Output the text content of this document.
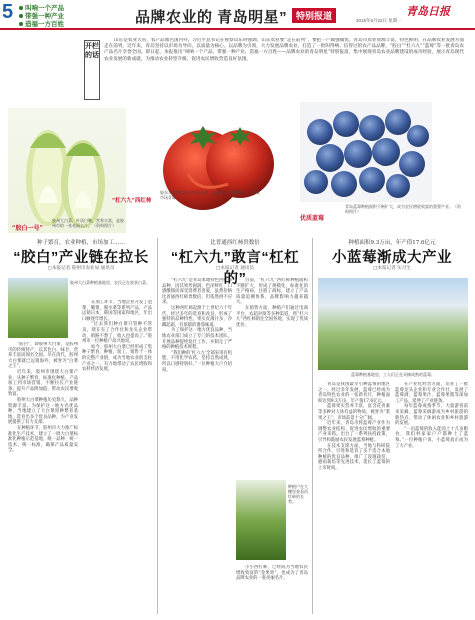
5	叫响一个产品
带强一种产业
造福一方百姓	品牌农业的 青岛明星” 特别报道	青岛日报
2015年6月22日 星期一
开栏的话
山东是农业大省，农产品闻名国内外。习近平总书记在视察山东时强调，山东农业要“走在前列”，要把一产做强做优。青岛市农业资源丰富，特色鲜明，在品牌农业发展方面走在前列。近年来，青岛坚持以市场为导向，以质量为核心，以品牌为引领，大力发展品牌农业，打造了一批叫得响、信得过的农产品品牌，“胶白”“杠六九”“蓝莓”等一批青岛农产品名片享誉全国。即日起，本报推出“叫响一个产品、带强一种产业、造福一方百姓——品牌农业的青岛明星”特别报道，集中展现青岛农业品牌建设的成功经验，展示青岛现代农业发展的新成就，为推动农业转型升级、促进农民增收营造良好氛围。
“胶白一号”
胶州大白菜，叶质白嫩，营养丰富，是胶州市的一张亮丽名片。（资料图片）
“杠六九”西红柿
胶东半岛的特色西红柿品种，皮薄汁多，酸甜适口，深受市场青睐。
优质蓝莓
青岛蓝莓种植面积不断扩大，成为农民增收致富的重要产业。（资料图片）
种子繁育，农业种植，市场加工……
“胶白”产业链在拉长
□本报记者 胶州市农业局 通讯员
胶州大白菜种植基地里，农民正在收获白菜。

“胶白”，即胶州大白菜，是胶州市的传统特产，以其色白、味甘、营养丰富而闻名全国。早在清代，胶州大白菜就已远销海外，被誉为“白菜之王”。

近年来，胶州市围绕大白菜产业，从种子繁育、标准化种植、产品加工到市场营销，不断拉长产业链条，提升产品附加值，带动农民增收致富。

胶州大白菜种植历史悠久，品种资源丰富。为保护这一地方名优品种，当地建立了大白菜原种繁育基地，选育出多个优良品种，为产业发展提供了有力支撑。

在种植环节，胶州市大力推广标准化生产技术，建立了一批大白菜标准化种植示范基地，统一品种、统一技术、统一标准，确保产品质量安全。

在加工环节，当地企业开发了泡菜、腌菜、脱水菜等系列产品，产品远销日本、韩国等国家和地区，年出口额逐年增长。

“过去我们种白菜只管种不管卖，现在有了合作社和龙头企业带动，销路不愁了，收入也提高了。”胶州市一位种植户高兴地说。

如今，胶州大白菜已经形成了集种子繁育、种植、加工、销售于一体的完整产业链，成为当地农业的支柱产业之一，有力地带动了农民增收和农村经济发展。

比普通西红柿贵数倍
“杠六九”敢言“杠杠的”
□本报记者 通讯员

“杠六九”是青岛本地特色西红柿品种，因其果形圆润、色泽鲜红、口感酸甜而深受消费者喜爱，虽然价格比普通西红柿贵数倍，但依然供不应求。

这种西红柿起源于上世纪六十年代，经过多年的选育和改良，形成了独特的品种特性。果实皮薄汁多，沙瓤起霜，有浓郁的番茄味道。

为了保护这一地方优良品种，当地农业部门成立了专门的技术团队，开展品种提纯复壮工作，并制定了严格的种植技术规程。

“我们种的‘杠六九’全部采用有机肥，不用化学农药，坚持自然成熟，所以口感特别好。”一位种植大户介绍说。

目前，“杠六九”西红柿种植面积不断扩大，形成了规模化、标准化的生产格局，注册了商标，建立了产品质量追溯体系，品牌影响力越来越大。

在销售方面，种植户们通过电商平台、农超对接等多种渠道，将“杠六九”西红柿销往全国各地，实现了优质优价。

种植户在大棚里查看西红柿的长势。

小小西红柿，已经成为当地农民增收致富的“金果果”，也成为了青岛品牌农业的一张亮丽名片。

种植面积9.3万亩，年产值17.6亿元
小蓝莓渐成大产业
□本报记者 实习生
蓝莓种植基地里，工人们正在采摘成熟的蓝莓。

青岛是我国最早引种蓝莓的地区之一。经过多年发展，蓝莓已经成为青岛特色农业的一张新名片，种植面积达到9.3万亩，年产值17.6亿元。

蓝莓果实营养丰富，富含花青素等多种对人体有益的物质，被誉为“浆果之王”，市场前景十分广阔。

近年来，青岛市将蓝莓产业作为调整农业结构、促进农民增收的重要产业来抓，出台了一系列扶持政策，引导和鼓励农民发展蓝莓种植。

在技术支撑方面，当地与科研院所合作，引进和选育了多个适合本地种植的优良品种，推广了设施栽培、避雨栽培等先进技术，延长了蓝莓的上市时间。

在产业化经营方面，培育了一批蓝莓龙头企业和专业合作社，发展了蓝莓酒、蓝莓果汁、蓝莓果酱等深加工产品，延伸了产业链条。

每年蓝莓成熟季节，大量游客前来采摘，蓝莓采摘游成为乡村旅游的新热点，带动了休闲农业和乡村旅游的发展。

“一亩蓝莓的收入能顶上十几亩粮食，我们村家家户户都种上了蓝莓。”一位种植户说，小蓝莓真正成为了大产业。
